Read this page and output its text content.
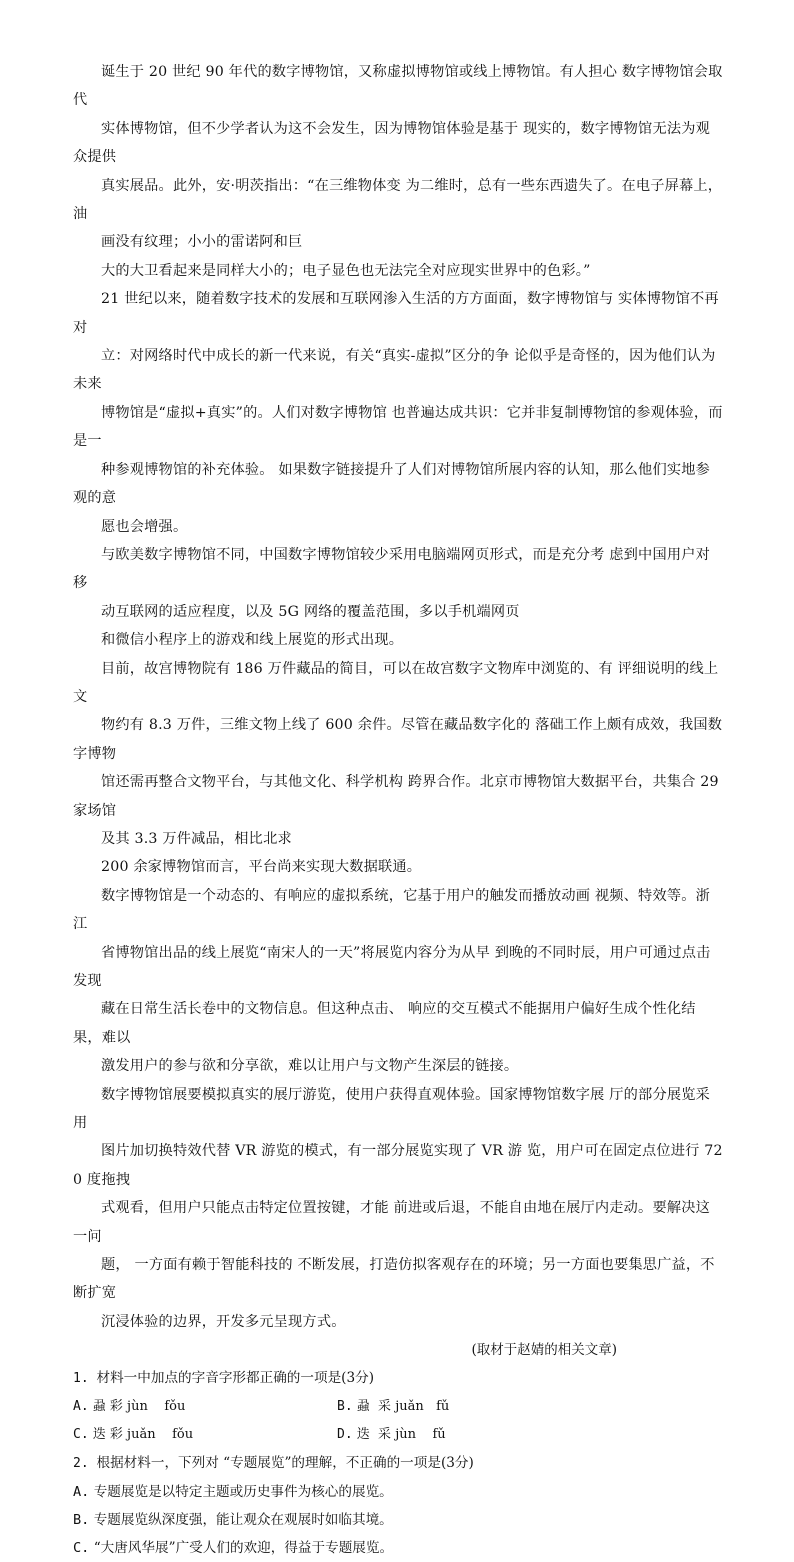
诞生于 20 世纪 90 年代的数字博物馆，又称虚拟博物馆或线上博物馆。有人担心 数字博物馆会取代
实体博物馆，但不少学者认为这不会发生，因为博物馆体验是基于 现实的，数字博物馆无法为观众提供
真实展品。此外，安·明茨指出：“在三维物体变 为二维时，总有一些东西遗失了。在电子屏幕上，油
画没有纹理；小小的雷诺阿和巨
大的大卫看起来是同样大小的；电子显色也无法完全对应现实世界中的色彩。”

21 世纪以来，随着数字技术的发展和互联网渗入生活的方方面面，数字博物馆与 实体博物馆不再对
立：对网络时代中成长的新一代来说，有关“真实-虚拟”区分的争 论似乎是奇怪的，因为他们认为未来
博物馆是“虚拟+真实”的。人们对数字博物馆 也普遍达成共识：它并非复制博物馆的参观体验，而是一
种参观博物馆的补充体验。 如果数字链接提升了人们对博物馆所展内容的认知，那么他们实地参观的意
愿也会增强。

与欧美数字博物馆不同，中国数字博物馆较少采用电脑端网页形式，而是充分考 虑到中国用户对移
动互联网的适应程度，以及 5G 网络的覆盖范围，多以手机端网页
和微信小程序上的游戏和线上展览的形式出现。

目前，故宫博物院有 186 万件藏品的简目，可以在故宫数字文物库中浏览的、有 评细说明的线上文
物约有 8.3 万件，三维文物上线了 600 余件。尽管在藏品数字化的 落础工作上颇有成效，我国数字博物
馆还需再整合文物平台，与其他文化、科学机构 跨界合作。北京市博物馆大数据平台，共集合 29 家场馆
及其 3.3 万件减品，相比北求
200 余家博物馆而言，平台尚来实现大数据联通。

数字博物馆是一个动态的、有响应的虚拟系统，它基于用户的触发而播放动画 视频、特效等。浙江
省博物馆出品的线上展览“南宋人的一天”将展览内容分为从早 到晚的不同时辰，用户可通过点击发现
藏在日常生活长卷中的文物信息。但这种点击、 响应的交互模式不能据用户偏好生成个性化结果，难以
激发用户的参与欲和分享欲，难以让用户与文物产生深层的链接。

数字博物馆展要模拟真实的展厅游览，使用户获得直观体验。国家博物馆数字展 厅的部分展览采用
图片加切换特效代替 VR 游览的模式，有一部分展览实现了 VR 游 览，用户可在固定点位进行 720 度拖拽
式观看，但用户只能点击特定位置按键，才能 前进或后退，不能自由地在展厅内走动。要解决这一问
题， 一方面有赖于智能科技的 不断发展，打造仿拟客观存在的环境；另一方面也要集思广益，不断扩宽
沉浸体验的边界，开发多元呈现方式。

(取材于赵婧的相关文章)

1. 材料一中加点的字音字形都正确的一项是(3分)

A. 蝨 彩 jùn    fǒu	B. 蝨  采 juǎn   fǔ
C. 迭 彩 juǎn    fǒu	D. 迭  采 jùn    fǔ

2. 根据材料一，下列对 “专题展览”的理解，不正确的一项是(3分)

A. 专题展览是以特定主题或历史事件为核心的展览。

B. 专题展览纵深度强，能让观众在观展时如临其境。

C. “大唐风华展”广受人们的欢迎，得益于专题展览。
